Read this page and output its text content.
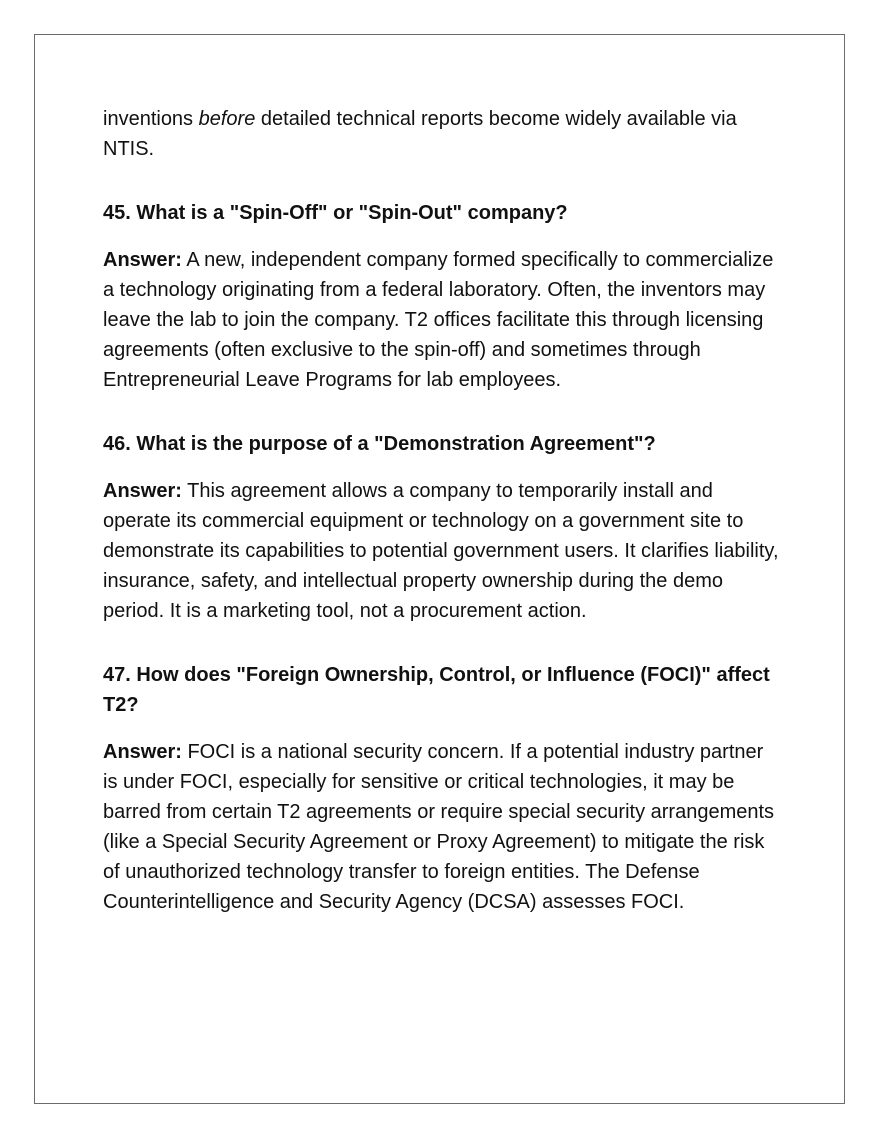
inventions before detailed technical reports become widely available via NTIS.

45. What is a "Spin-Off" or "Spin-Out" company?

Answer: A new, independent company formed specifically to commercialize a technology originating from a federal laboratory. Often, the inventors may leave the lab to join the company. T2 offices facilitate this through licensing agreements (often exclusive to the spin-off) and sometimes through Entrepreneurial Leave Programs for lab employees.

46. What is the purpose of a "Demonstration Agreement"?

Answer: This agreement allows a company to temporarily install and operate its commercial equipment or technology on a government site to demonstrate its capabilities to potential government users. It clarifies liability, insurance, safety, and intellectual property ownership during the demo period. It is a marketing tool, not a procurement action.

47. How does "Foreign Ownership, Control, or Influence (FOCI)" affect T2?

Answer: FOCI is a national security concern. If a potential industry partner is under FOCI, especially for sensitive or critical technologies, it may be barred from certain T2 agreements or require special security arrangements (like a Special Security Agreement or Proxy Agreement) to mitigate the risk of unauthorized technology transfer to foreign entities. The Defense Counterintelligence and Security Agency (DCSA) assesses FOCI.
